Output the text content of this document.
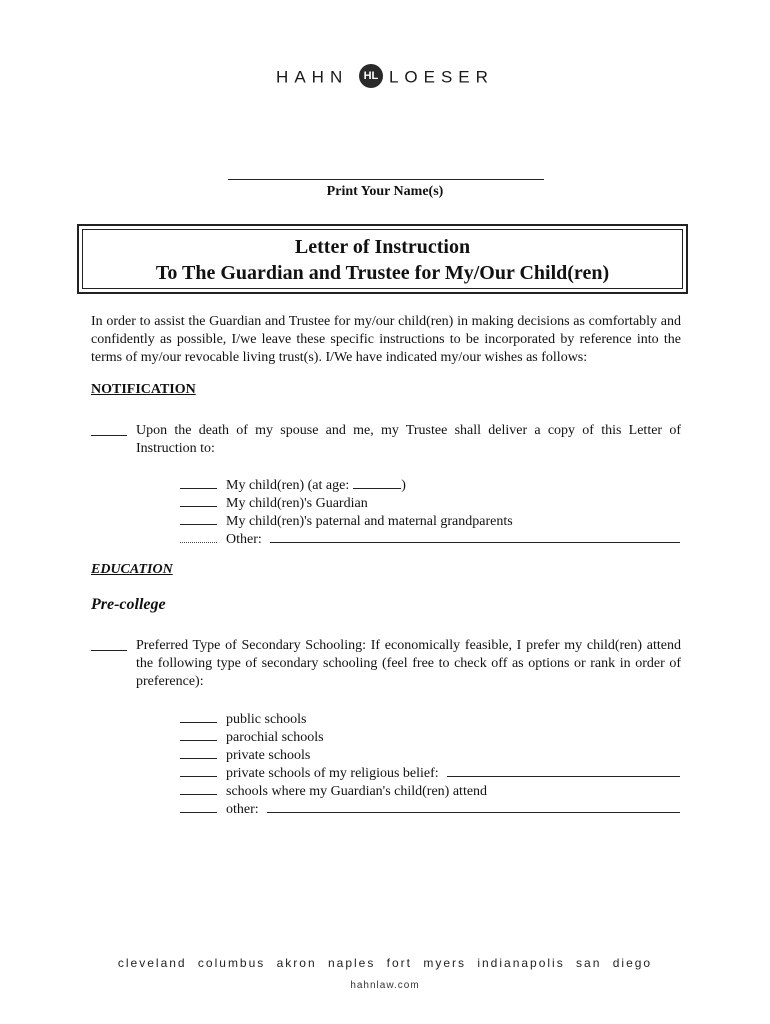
HAHN HL LOESER
Print Your Name(s)
Letter of Instruction
To The Guardian and Trustee for My/Our Child(ren)
In order to assist the Guardian and Trustee for my/our child(ren) in making decisions as comfortably and confidently as possible, I/we leave these specific instructions to be incorporated by reference into the terms of my/our revocable living trust(s). I/We have indicated my/our wishes as follows:
NOTIFICATION
Upon the death of my spouse and me, my Trustee shall deliver a copy of this Letter of Instruction to:
My child(ren) (at age:	)
My child(ren)'s Guardian
My child(ren)'s paternal and maternal grandparents
Other:
EDUCATION
Pre-college
Preferred Type of Secondary Schooling: If economically feasible, I prefer my child(ren) attend the following type of secondary schooling (feel free to check off as options or rank in order of preference):
public schools
parochial schools
private schools
private schools of my religious belief:
schools where my Guardian's child(ren) attend
other:
cleveland columbus akron naples fort myers indianapolis san diego
hahnlaw.com
